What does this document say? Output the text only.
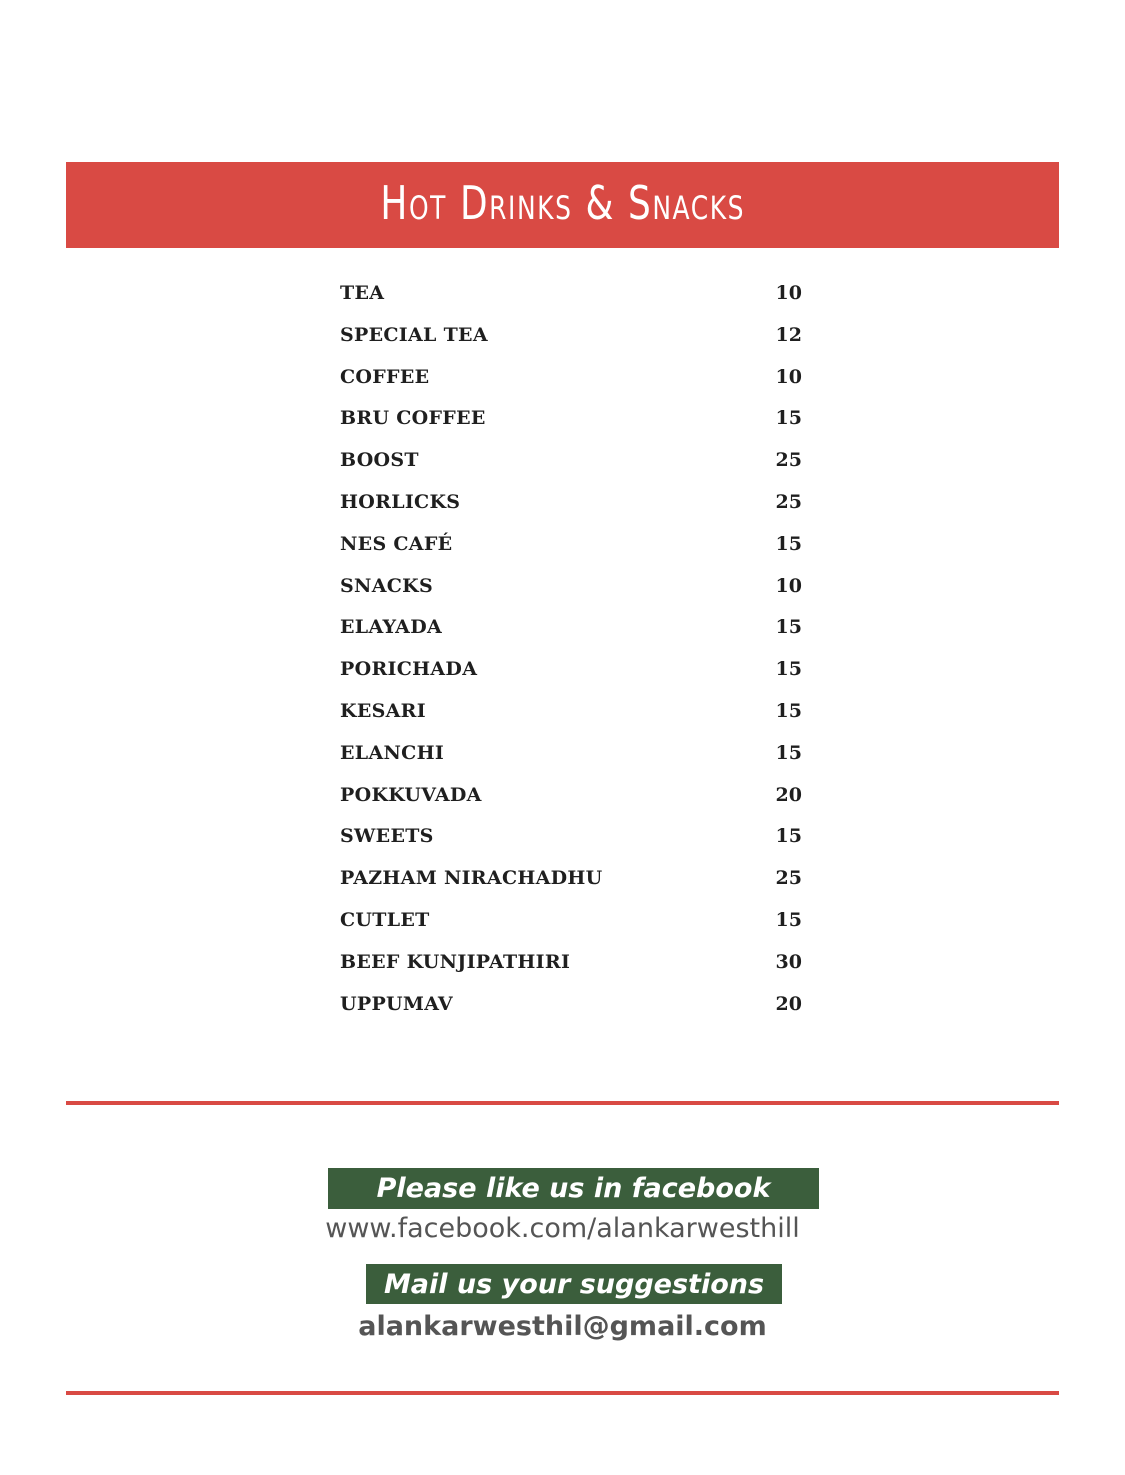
Hot Drinks & Snacks
TEA	10
SPECIAL TEA	12
COFFEE	10
BRU COFFEE	15
BOOST	25
HORLICKS	25
NES CAFÉ	15
SNACKS	10
ELAYADA	15
PORICHADA	15
KESARI	15
ELANCHI	15
POKKUVADA	20
SWEETS	15
PAZHAM NIRACHADHU	25
CUTLET	15
BEEF KUNJIPATHIRI	30
UPPUMAV	20
Please like us in facebook
www.facebook.com/alankarwesthill
Mail us your suggestions
alankarwesthil@gmail.com
